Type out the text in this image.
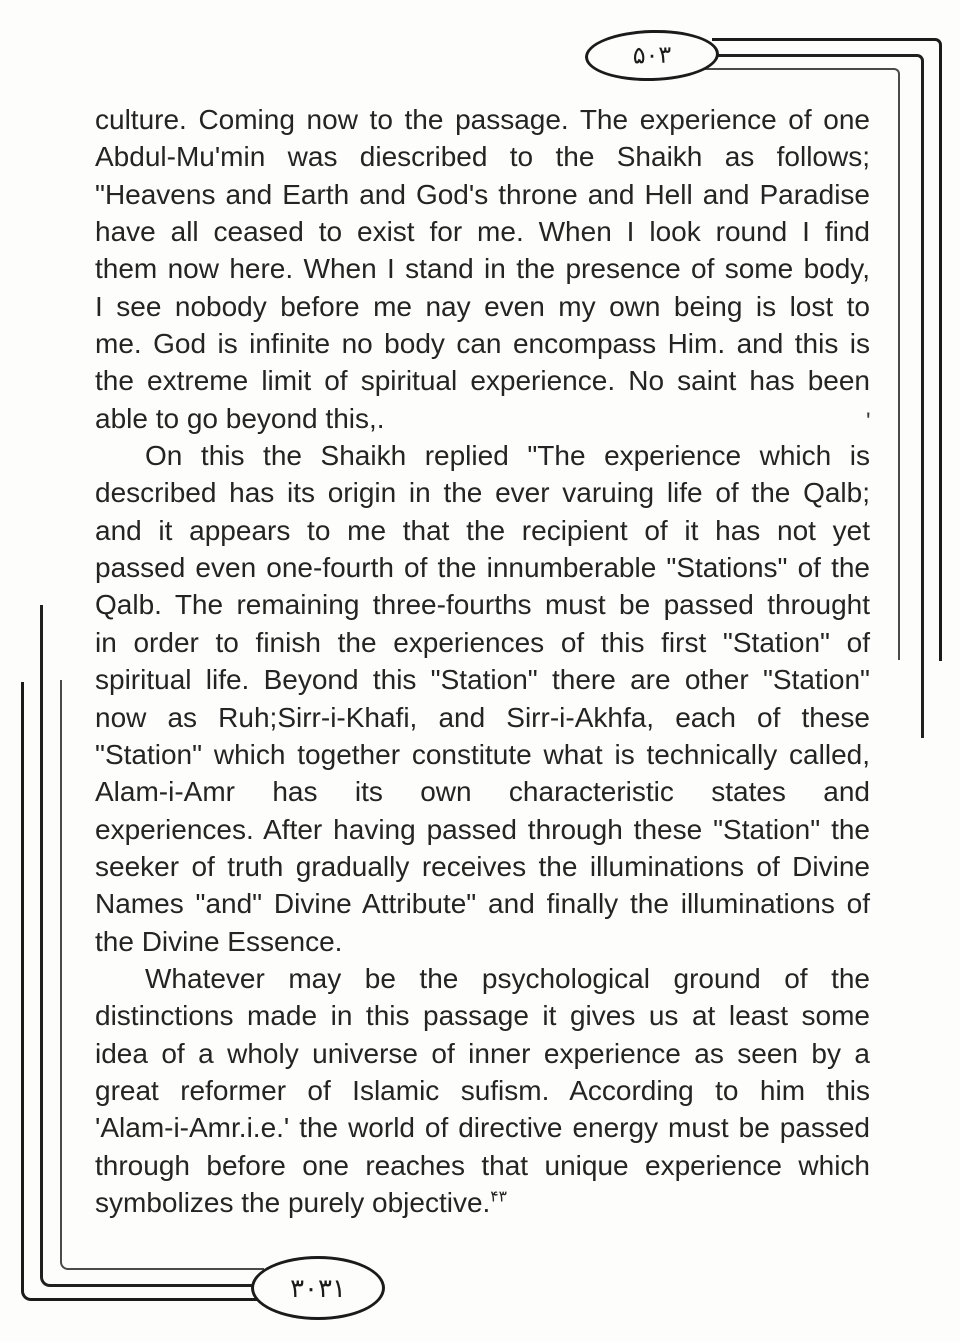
۵۰۳
۳۰۳۱
'
culture. Coming now to the passage. The experience of one
Abdul-Mu'min was diescribed to the Shaikh as follows;
"Heavens and Earth and God's throne and Hell and Paradise
have all ceased to exist for me. When I look round I find
them now here. When I stand in the presence of some body,
I see nobody before me nay even my own being is lost to
me. God is infinite no body can encompass Him. and this is
the extreme limit of spiritual experience. No saint has been
able to go beyond this,.
On this the Shaikh replied "The experience which is
described has its origin in the ever varuing life of the Qalb;
and it appears to me that the recipient of it has not yet
passed even one-fourth of the innumberable "Stations" of the
Qalb. The remaining three-fourths must be passed throught
in order to finish the experiences of this first "Station" of
spiritual life. Beyond this "Station" there are other "Station"
now as Ruh;Sirr-i-Khafi, and Sirr-i-Akhfa, each of these
"Station" which together constitute what is technically called,
Alam-i-Amr has its own characteristic states and
experiences. After having passed through these "Station" the
seeker of truth gradually receives the illuminations of Divine
Names "and" Divine Attribute" and finally the illuminations of
the Divine Essence.
Whatever may be the psychological ground of the
distinctions made in this passage it gives us at least some
idea of a wholy universe of inner experience as seen by a
great reformer of Islamic sufism. According to him this
'Alam-i-Amr.i.e.' the world of directive energy must be passed
through before one reaches that unique experience which
symbolizes the purely objective.$^{۴۳}$
